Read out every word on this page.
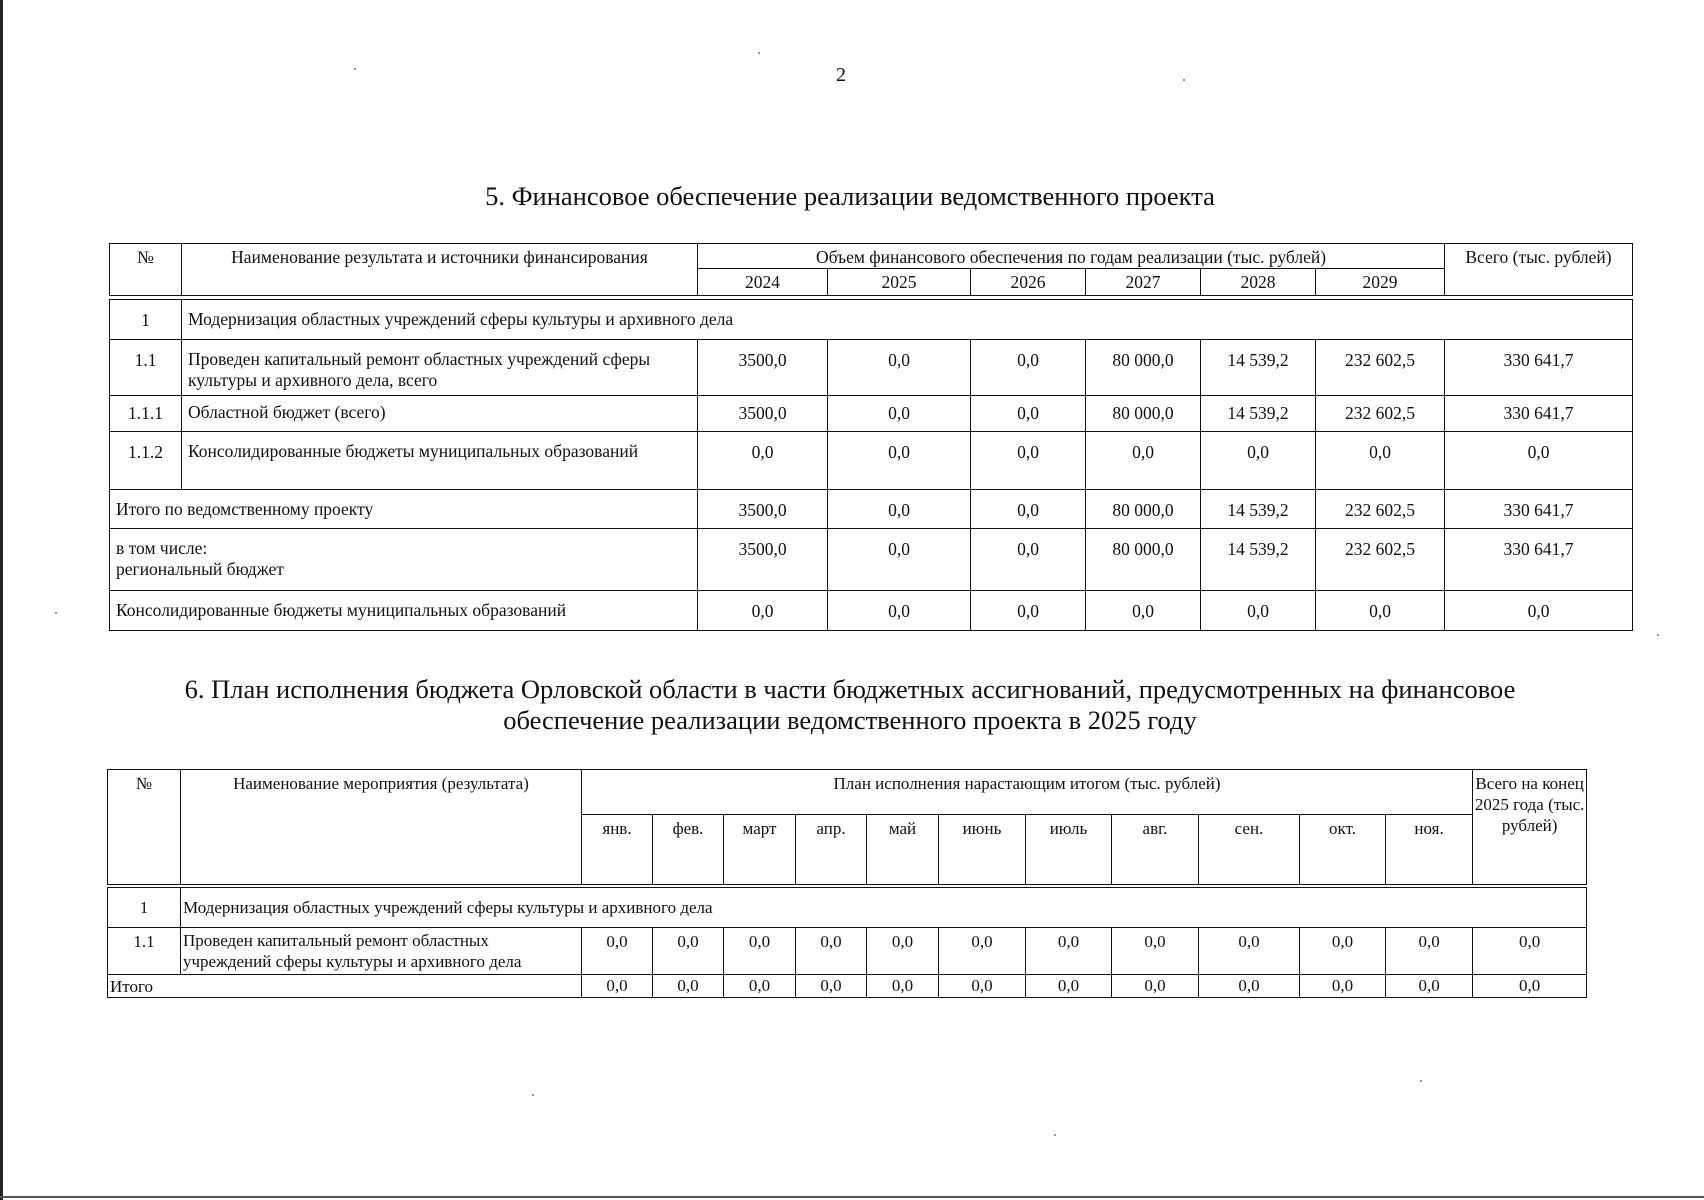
2
5. Финансовое обеспечение реализации ведомственного проекта
№	Наименование результата и источники финансирования	Объем финансового обеспечения по годам реализации (тыс. рублей)						Всего (тыс. рублей)
		2024	2025	2026	2027	2028	2029	

1	Модернизация областных учреждений сферы культуры и архивного дела							
1.1	Проведен капитальный ремонт областных учреждений сферы культуры и архивного дела, всего	3500,0	0,0	0,0	80 000,0	14 539,2	232 602,5	330 641,7
1.1.1	Областной бюджет (всего)	3500,0	0,0	0,0	80 000,0	14 539,2	232 602,5	330 641,7
1.1.2	Консолидированные бюджеты муниципальных образований	0,0	0,0	0,0	0,0	0,0	0,0	0,0
Итого по ведомственному проекту		3500,0	0,0	0,0	80 000,0	14 539,2	232 602,5	330 641,7

в том числе:
региональный бюджет		3500,0	0,0	0,0	80 000,0	14 539,2	232 602,5	330 641,7
Консолидированные бюджеты муниципальных образований		0,0	0,0	0,0	0,0	0,0	0,0	0,0
6. План исполнения бюджета Орловской области в части бюджетных ассигнований, предусмотренных на финансовое
обеспечение реализации ведомственного проекта в 2025 году
№	Наименование мероприятия (результата)	План исполнения нарастающим итогом (тыс. рублей)											Всего на конец 2025 года (тыс. рублей)
		янв.	фев.	март	апр.	май	июнь	июль	авг.	сен.	окт.	ноя.	

1	Модернизация областных учреждений сферы культуры и архивного дела												
1.1	Проведен капитальный ремонт областных учреждений сферы культуры и архивного дела	0,0	0,0	0,0	0,0	0,0	0,0	0,0	0,0	0,0	0,0	0,0	0,0
Итого		0,0	0,0	0,0	0,0	0,0	0,0	0,0	0,0	0,0	0,0	0,0	0,0
